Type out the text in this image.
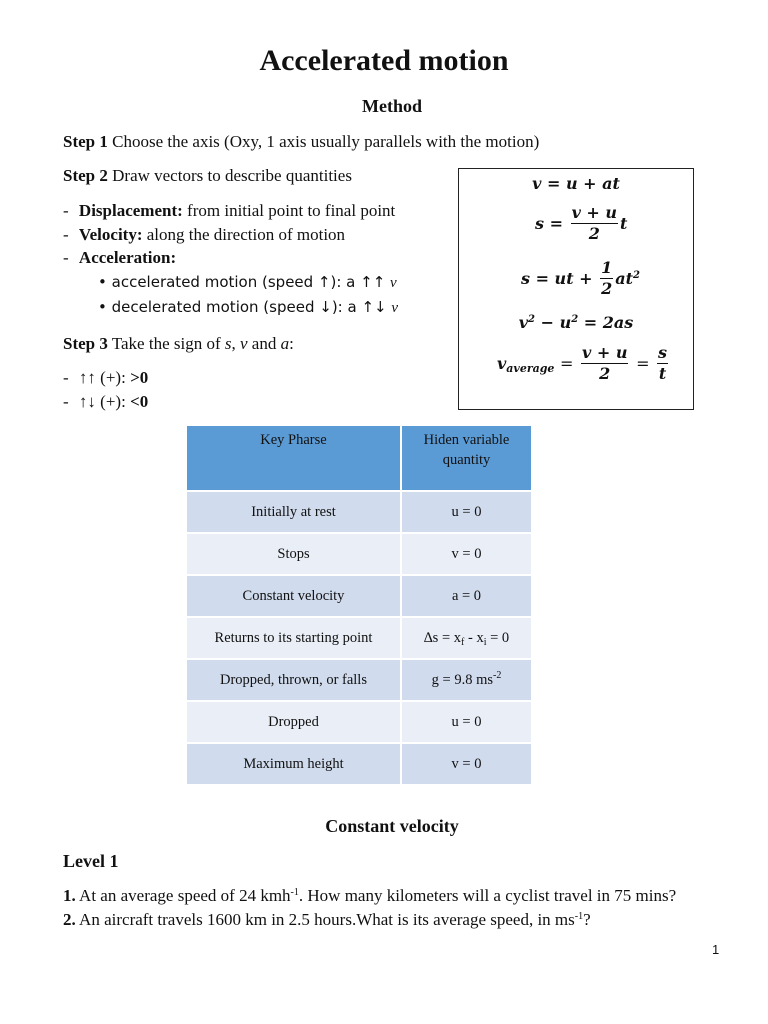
Accelerated motion
Method
Step 1 Choose the axis (Oxy, 1 axis usually parallels with the motion)
Step 2 Draw vectors to describe quantities
- Displacement: from initial point to final point
- Velocity: along the direction of motion
- Acceleration:
• accelerated motion (speed ↑): a ↑↑ v
• decelerated motion (speed ↓): a ↑↓ v
Step 3 Take the sign of s, v and a:
- ↑↑ (+): >0
- ↑↓ (+): <0
v = u + at
$s = \frac{v + u}{2}$ t
s = ut + $\frac{1}{2} at^2$
$v^2 - u^2 = 2as$
$v_{average} = \frac{v + u}{2} = \frac{s}{t}$
Key Pharse	Hiden variable quantity
Initially at rest	u = 0
Stops	v = 0
Constant velocity	a = 0
Returns to its starting point	$\Delta s = x_f - x_i = 0$
Dropped, thrown, or falls	g = 9.8 $ms^{-2}$
Dropped	u = 0
Maximum height	v = 0
Constant velocity
Level 1
1. At an average speed of 24 kmh$^{-1}$. How many kilometers will a cyclist travel in 75 mins?
2. An aircraft travels 1600 km in 2.5 hours.What is its average speed, in $ms^{-1}$?
1
